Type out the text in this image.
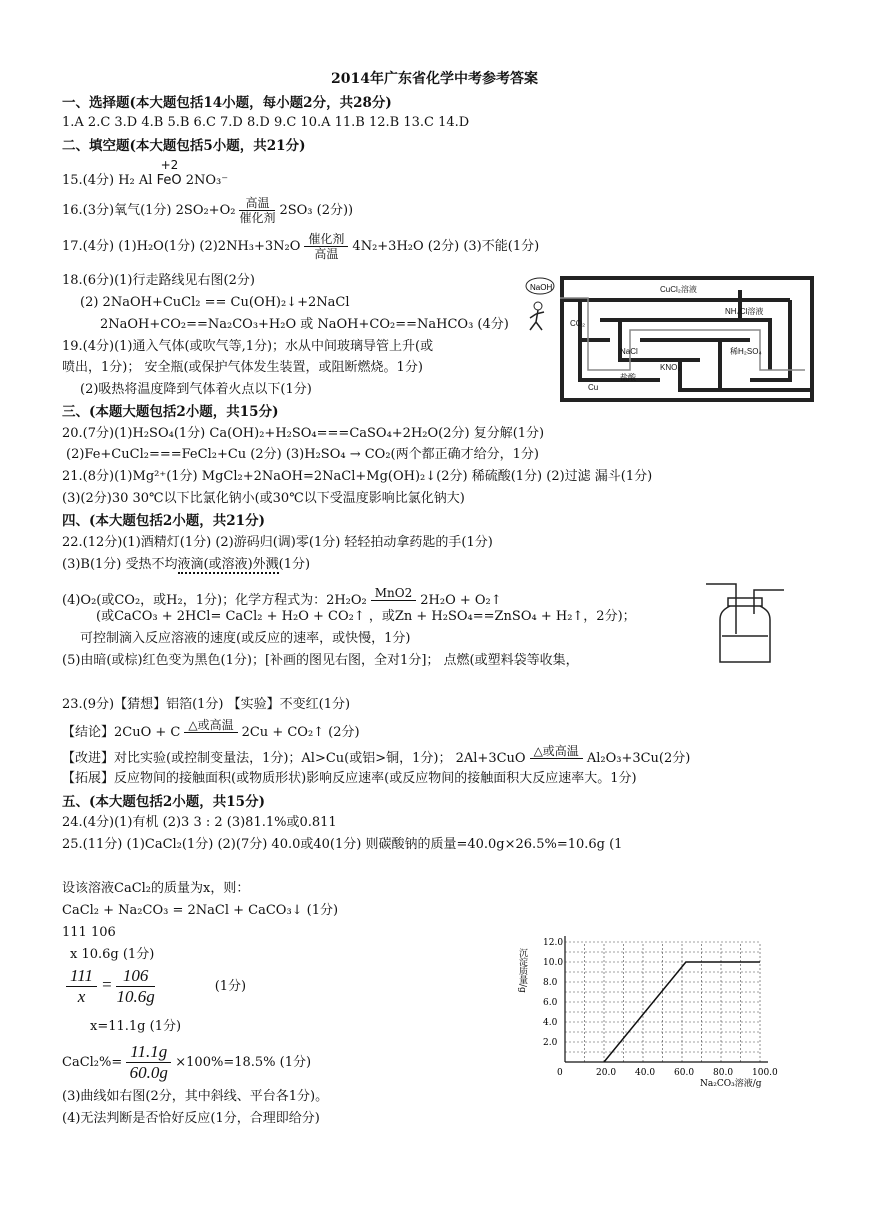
2014年广东省化学中考参考答案
一、选择题(本大题包括14小题，每小题2分，共28分)
1.A 2.C 3.D 4.B 5.B 6.C 7.D 8.D 9.C 10.A 11.B 12.B 13.C 14.D
二、填空题(本大题包括5小题，共21分)
15.(4分) H₂ Al
+2
FeO 2NO₃⁻
16.(3分)氧气(1分) $2SO_2+O_2 \frac{\text{高温}}{\text{催化剂}} 2SO_3$ (2分))
17.(4分) (1)H₂O(1分) $(2)2NH_3+3N_2O \frac{\text{催化剂}}{\text{高温}} 4N_2+3H_2O$ (2分) (3)不能(1分)
18.(6分)(1)行走路线见右图(2分)
(2) 2NaOH+CuCl₂ == Cu(OH)₂↓+2NaCl
2NaOH+CO₂==Na₂CO₃+H₂O 或 NaOH+CO₂==NaHCO₃ (4分)
19.(4分)(1)通入气体(或吹气等,1分)；水从中间玻璃导管上升(或
喷出，1分)； 安全瓶(或保护气体发生装置，或阻断燃烧。1分)
(2)吸热将温度降到气体着火点以下(1分)
NaOH	CuCl₂溶液
NH₄Cl溶液
CO₂
稀H₂SO₄
NaCl
KNO₃
盐酸
Cu
三、(本题大题包括2小题，共15分)
20.(7分)(1)H₂SO₄(1分) Ca(OH)₂+H₂SO₄===CaSO₄+2H₂O(2分) 复分解(1分)
(2)Fe+CuCl₂===FeCl₂+Cu (2分) (3)H₂SO₄ → CO₂(两个都正确才给分，1分)
21.(8分)(1)Mg²⁺(1分) MgCl₂+2NaOH=2NaCl+Mg(OH)₂↓(2分) 稀硫酸(1分) (2)过滤 漏斗(1分)
(3)(2分)30 30℃以下比氯化钠小(或30℃以下受温度影响比氯化钠大)
四、(本大题包括2小题，共21分)
22.(12分)(1)酒精灯(1分) (2)游码归(调)零(1分) 轻轻拍动拿药匙的手(1分)
(3)B(1分) 受热不均液滴(或溶液)外溅(1分)
(4)O₂(或CO₂，或H₂，1分)；化学方程式为：2H₂O₂ MnO2
2H₂O + O₂↑
(或CaCO₃ + 2HCl= CaCl₂ + H₂O + CO₂↑ ，或Zn + H₂SO₄==ZnSO₄ + H₂↑，2分)；
可控制滴入反应溶液的速度(或反应的速率，或快慢，1分)
(5)由暗(或棕)红色变为黑色(1分)；[补画的图见右图，全对1分]； 点燃(或塑料袋等收集，
23.(9分)【猜想】铝箔(1分) 【实验】不变红(1分)
【结论】2CuO + C △或高温
2Cu + CO₂↑ (2分)
【改进】对比实验(或控制变量法，1分)；Al>Cu(或铝>铜，1分)； 2Al+3CuO △或高温
Al₂O₃+3Cu(2分)
【拓展】反应物间的接触面积(或物质形状)影响反应速率(或反应物间的接触面积大反应速率大。1分)
五、(本大题包括2小题，共15分)
24.(4分)(1)有机 (2)3 3 : 2 (3)81.1%或0.811
25.(11分) (1)CaCl₂(1分) (2)(7分) 40.0或40(1分) 则碳酸钠的质量=40.0g×26.5%=10.6g (1
设该溶液CaCl₂的质量为x，则：
CaCl₂ + Na₂CO₃ = 2NaCl + CaCO₃↓ (1分)
111 106
x 10.6g (1分)
$\frac{111}{x} = \frac{106}{10.6g}$	(1分)
x=11.1g (1分)
CaCl₂%= $\frac{11.1g}{60.0g} \times 100\%=18.5\%$ (1分)
(3)曲线如右图(2分，其中斜线、平台各1分)。
(4)无法判断是否恰好反应(1分，合理即给分)
0	20.0 40.0 60.0 80.0 100.0
2.0
4.0
6.0
8.0
10.0
12.0
沉淀质量/g
Na₂CO₃溶液/g
